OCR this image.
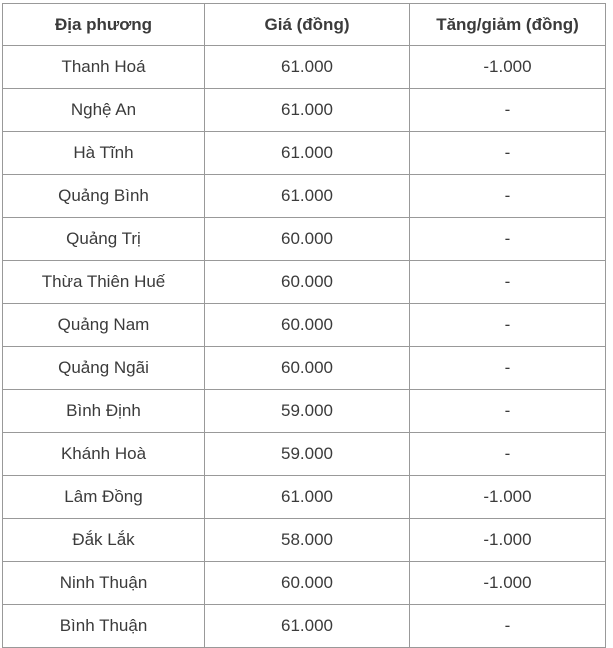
Địa phương	Giá (đồng)	Tăng/giảm (đồng)
Thanh Hoá	61.000	-1.000
Nghệ An	61.000	-
Hà Tĩnh	61.000	-
Quảng Bình	61.000	-
Quảng Trị	60.000	-
Thừa Thiên Huế	60.000	-
Quảng Nam	60.000	-
Quảng Ngãi	60.000	-
Bình Định	59.000	-
Khánh Hoà	59.000	-
Lâm Đồng	61.000	-1.000
Đắk Lắk	58.000	-1.000
Ninh Thuận	60.000	-1.000
Bình Thuận	61.000	-
